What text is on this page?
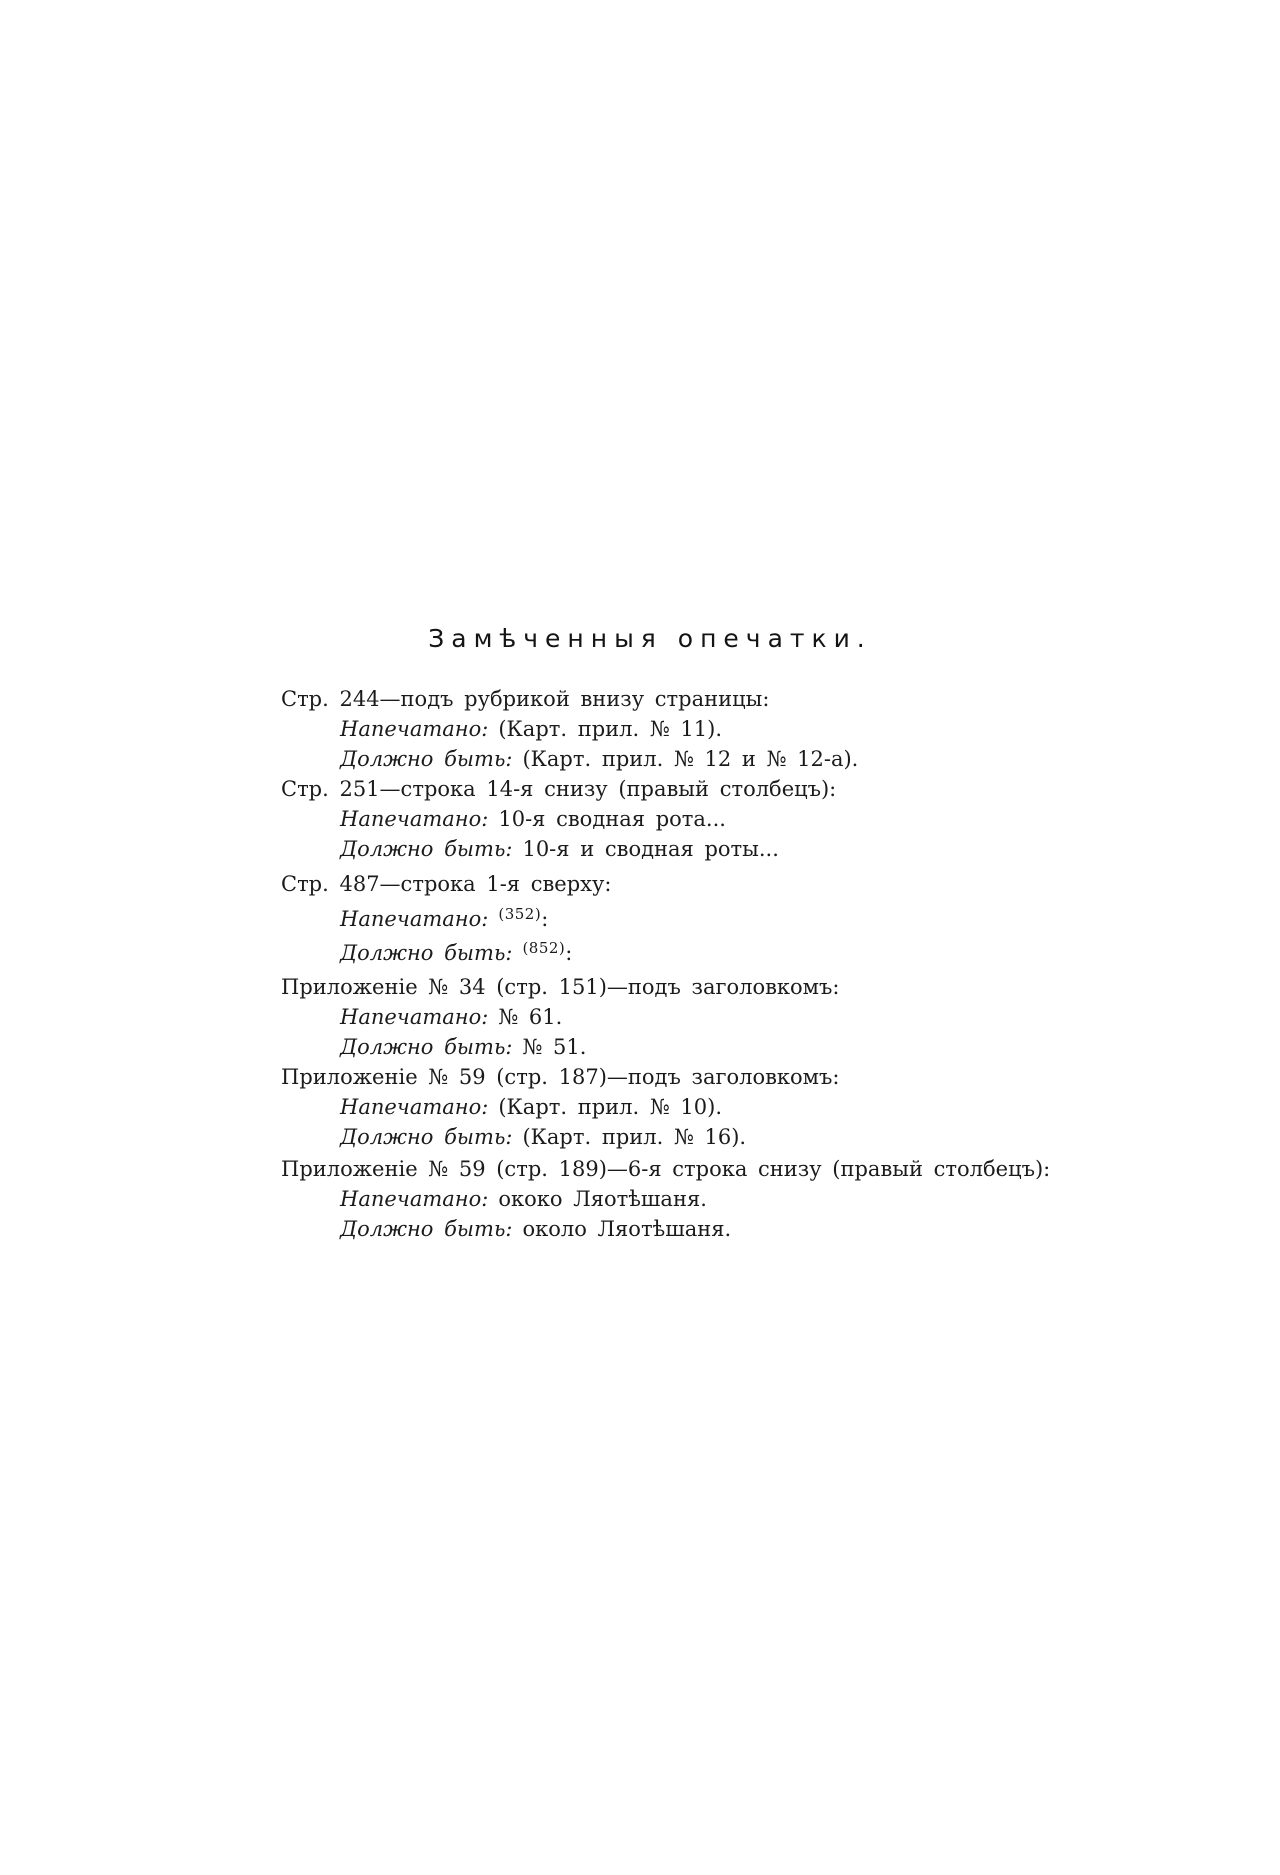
Замѣченныя опечатки.
Стр. 244—подъ рубрикой внизу страницы:
Напечатано: (Карт. прил. № 11).
Должно быть: (Карт. прил. № 12 и № 12-а).
Стр. 251—строка 14-я снизу (правый столбецъ):
Напечатано: 10-я сводная рота...
Должно быть: 10-я и сводная роты...
Стр. 487—строка 1-я сверху:
Напечатано: $^{(352)}$:
Должно быть: $^{(852)}$:
Приложеніе № 34 (стр. 151)—подъ заголовкомъ:
Напечатано: № 61.
Должно быть: № 51.
Приложеніе № 59 (стр. 187)—подъ заголовкомъ:
Напечатано: (Карт. прил. № 10).
Должно быть: (Карт. прил. № 16).
Приложеніе № 59 (стр. 189)—6-я строка снизу (правый столбецъ):
Напечатано: ококо Ляотѣшаня.
Должно быть: около Ляотѣшаня.
